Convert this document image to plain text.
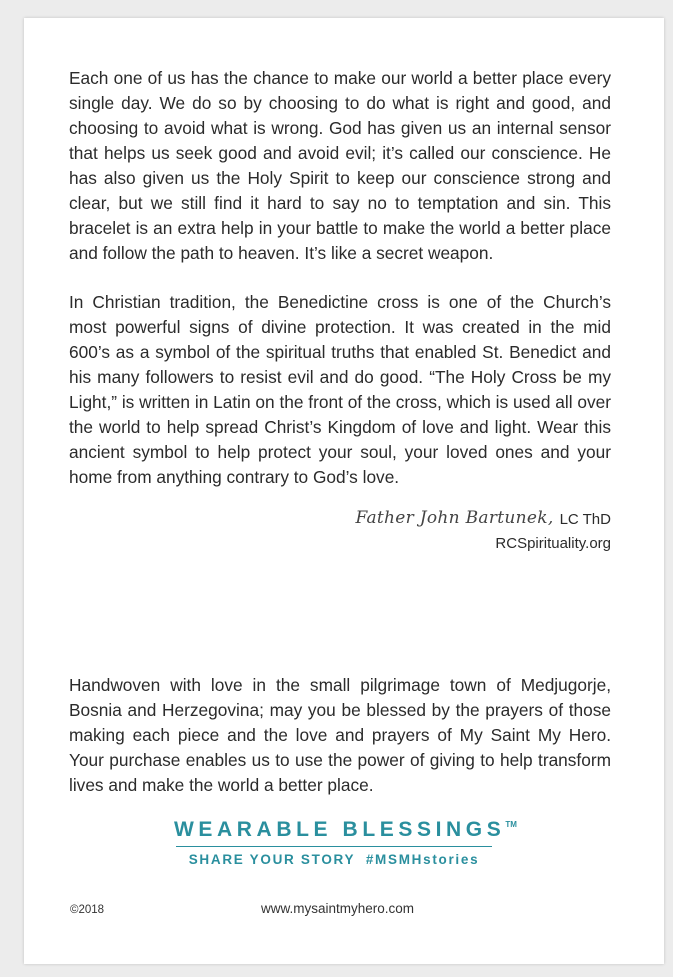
Each one of us has the chance to make our world a better place every single day. We do so by choosing to do what is right and good, and choosing to avoid what is wrong. God has given us an internal sensor that helps us seek good and avoid evil; it’s called our conscience. He has also given us the Holy Spirit to keep our conscience strong and clear, but we still find it hard to say no to temptation and sin. This bracelet is an extra help in your battle to make the world a better place and follow the path to heaven. It’s like a secret weapon.

In Christian tradition, the Benedictine cross is one of the Church’s most powerful signs of divine protection. It was created in the mid 600’s as a symbol of the spiritual truths that enabled St. Benedict and his many followers to resist evil and do good. “The Holy Cross be my Light,” is written in Latin on the front of the cross, which is used all over the world to help spread Christ’s Kingdom of love and light. Wear this ancient symbol to help protect your soul, your loved ones and your home from anything contrary to God’s love.

Father John Bartunek, LC ThD
RCSpirituality.org

Handwoven with love in the small pilgrimage town of Medjugorje, Bosnia and Herzegovina; may you be blessed by the prayers of those making each piece and the love and prayers of My Saint My Hero. Your purchase enables us to use the power of giving to help transform lives and make the world a better place.

WEARABLE BLESSINGS™
SHARE YOUR STORY  #MSMHstories
©2018	www.mysaintmyhero.com
